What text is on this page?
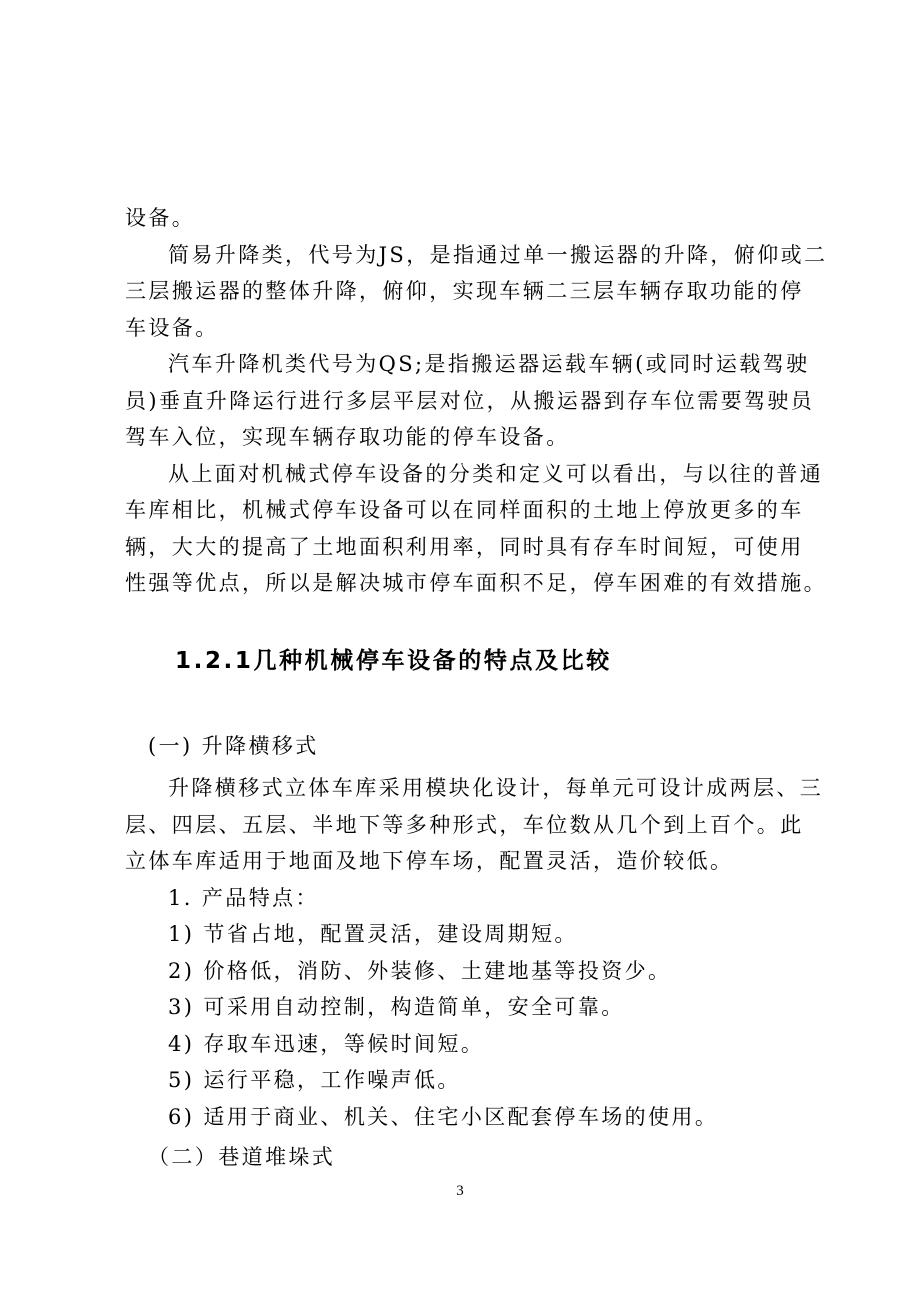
设备。
简易升降类，代号为JS，是指通过单一搬运器的升降，俯仰或二
三层搬运器的整体升降，俯仰，实现车辆二三层车辆存取功能的停
车设备。
汽车升降机类代号为QS;是指搬运器运载车辆(或同时运载驾驶
员)垂直升降运行进行多层平层对位，从搬运器到存车位需要驾驶员
驾车入位，实现车辆存取功能的停车设备。
从上面对机械式停车设备的分类和定义可以看出，与以往的普通
车库相比，机械式停车设备可以在同样面积的土地上停放更多的车
辆，大大的提高了土地面积利用率，同时具有存车时间短，可使用
性强等优点，所以是解决城市停车面积不足，停车困难的有效措施。
1.2.1几种机械停车设备的特点及比较

(一) 升降横移式

升降横移式立体车库采用模块化设计，每单元可设计成两层、三
层、四层、五层、半地下等多种形式，车位数从几个到上百个。此
立体车库适用于地面及地下停车场，配置灵活，造价较低。
1. 产品特点：
1) 节省占地，配置灵活，建设周期短。
2) 价格低，消防、外装修、土建地基等投资少。
3) 可采用自动控制，构造简单，安全可靠。
4) 存取车迅速，等候时间短。
5) 运行平稳，工作噪声低。
6) 适用于商业、机关、住宅小区配套停车场的使用。

（二）巷道堆垛式

3
